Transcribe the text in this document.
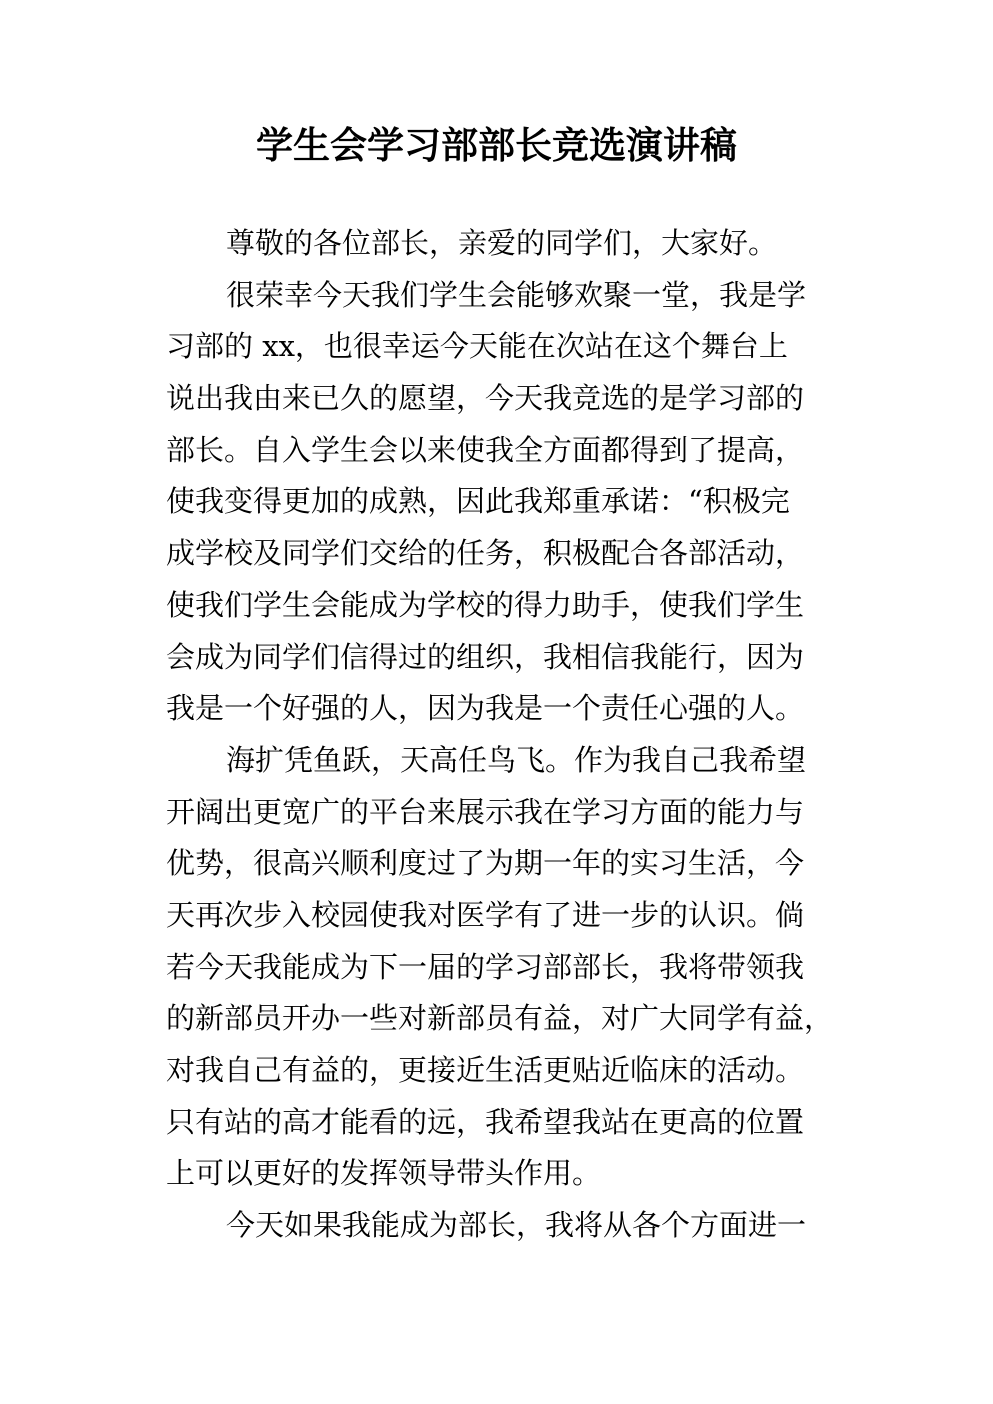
学生会学习部部长竞选演讲稿
尊敬的各位部长，亲爱的同学们，大家好。
很荣幸今天我们学生会能够欢聚一堂，我是学
习部的 xx，也很幸运今天能在次站在这个舞台上
说出我由来已久的愿望，今天我竞选的是学习部的
部长。自入学生会以来使我全方面都得到了提高，
使我变得更加的成熟，因此我郑重承诺：“积极完
成学校及同学们交给的任务，积极配合各部活动，
使我们学生会能成为学校的得力助手，使我们学生
会成为同学们信得过的组织，我相信我能行，因为
我是一个好强的人，因为我是一个责任心强的人。
海扩凭鱼跃，天高任鸟飞。作为我自己我希望
开阔出更宽广的平台来展示我在学习方面的能力与
优势，很高兴顺利度过了为期一年的实习生活，今
天再次步入校园使我对医学有了进一步的认识。倘
若今天我能成为下一届的学习部部长，我将带领我
的新部员开办一些对新部员有益，对广大同学有益，
对我自己有益的，更接近生活更贴近临床的活动。
只有站的高才能看的远，我希望我站在更高的位置
上可以更好的发挥领导带头作用。
今天如果我能成为部长，我将从各个方面进一
